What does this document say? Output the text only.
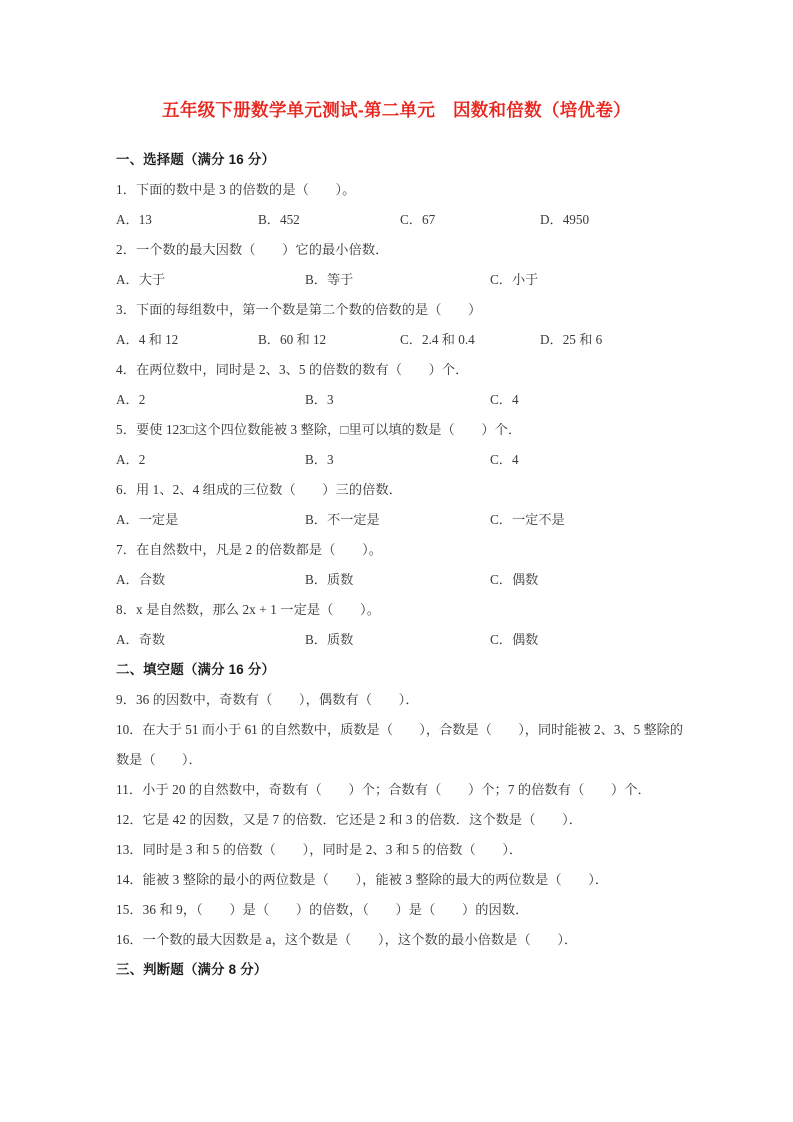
五年级下册数学单元测试-第二单元　因数和倍数（培优卷）
一、选择题（满分 16 分）
1．下面的数中是 3 的倍数的是（　　）。
A．13	B．452	C．67	D．4950
2．一个数的最大因数（　　）它的最小倍数．
A．大于	B．等于	C．小于
3．下面的每组数中，第一个数是第二个数的倍数的是（　　）
A．4 和 12	B．60 和 12	C．2.4 和 0.4	D．25 和 6
4．在两位数中，同时是 2、3、5 的倍数的数有（　　）个．
A．2	B．3	C．4
5．要使 123□这个四位数能被 3 整除，□里可以填的数是（　　）个．
A．2	B．3	C．4
6．用 1、2、4 组成的三位数（　　）三的倍数．
A．一定是	B．不一定是	C．一定不是
7．在自然数中，凡是 2 的倍数都是（　　）。
A．合数	B．质数	C．偶数
8．x 是自然数，那么 2x + 1 一定是（　　）。
A．奇数	B．质数	C．偶数
二、填空题（满分 16 分）
9．36 的因数中，奇数有（　　），偶数有（　　）．
10．在大于 51 而小于 61 的自然数中，质数是（　　），合数是（　　），同时能被 2、3、5 整除的数是（　　）．
11．小于 20 的自然数中，奇数有（　　）个；合数有（　　）个；7 的倍数有（　　）个．
12．它是 42 的因数，又是 7 的倍数．它还是 2 和 3 的倍数．这个数是（　　）．
13．同时是 3 和 5 的倍数（　　），同时是 2、3 和 5 的倍数（　　）．
14．能被 3 整除的最小的两位数是（　　），能被 3 整除的最大的两位数是（　　）．
15．36 和 9，（　　）是（　　）的倍数，（　　）是（　　）的因数．
16．一个数的最大因数是 a，这个数是（　　），这个数的最小倍数是（　　）．
三、判断题（满分 8 分）
